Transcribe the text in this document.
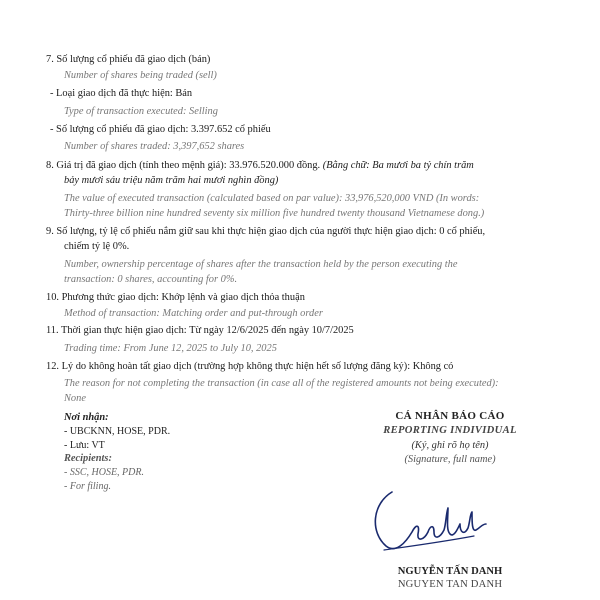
7. Số lượng cổ phiếu đã giao dịch (bán)
Number of shares being traded (sell)
- Loại giao dịch đã thực hiện: Bán
Type of transaction executed: Selling
- Số lượng cổ phiếu đã giao dịch: 3.397.652 cổ phiếu
Number of shares traded: 3,397,652 shares
8. Giá trị đã giao dịch (tính theo mệnh giá): 33.976.520.000 đồng. (Bằng chữ: Ba mươi ba tỷ chín trăm
bảy mươi sáu triệu năm trăm hai mươi nghìn đồng)
The value of executed transaction (calculated based on par value): 33,976,520,000 VND (In words:
Thirty-three billion nine hundred seventy six million five hundred twenty thousand Vietnamese dong.)
9. Số lượng, tỷ lệ cổ phiếu nắm giữ sau khi thực hiện giao dịch của người thực hiện giao dịch: 0 cổ phiếu,
chiếm tỷ lệ 0%.
Number, ownership percentage of shares after the transaction held by the person executing the
transaction: 0 shares, accounting for 0%.
10. Phương thức giao dịch: Khớp lệnh và giao dịch thỏa thuận
Method of transaction: Matching order and put-through order
11. Thời gian thực hiện giao dịch: Từ ngày 12/6/2025 đến ngày 10/7/2025
Trading time: From June 12, 2025 to July 10, 2025
12. Lý do không hoàn tất giao dịch (trường hợp không thực hiện hết số lượng đăng ký): Không có
The reason for not completing the transaction (in case all of the registered amounts not being executed):
None
Nơi nhận:
- UBCKNN, HOSE, PDR.
- Lưu: VT
Recipients:
- SSC, HOSE, PDR.
- For filing.
CÁ NHÂN BÁO CÁO
REPORTING INDIVIDUAL
(Ký, ghi rõ họ tên)
(Signature, full name)
NGUYỄN TẤN DANH
NGUYEN TAN DANH
